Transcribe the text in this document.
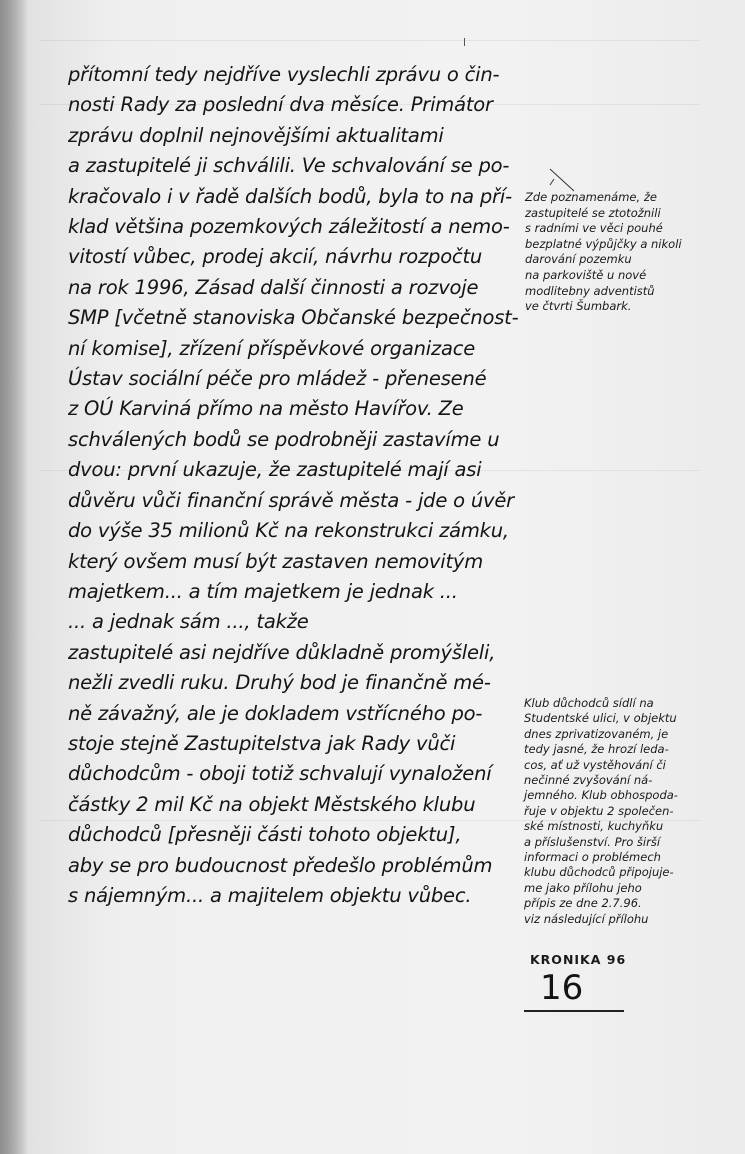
přítomní tedy nejdříve vyslechli zprávu o čin-
nosti Rady za poslední dva měsíce. Primátor
zprávu doplnil nejnovějšími aktualitami
a zastupitelé ji schválili. Ve schvalování se po-
kračovalo i v řadě dalších bodů, byla to na pří-
klad většina pozemkových záležitostí a nemo-
vitostí vůbec, prodej akcií, návrhu rozpočtu
na rok 1996, Zásad další činnosti a rozvoje
SMP [včetně stanoviska Občanské bezpečnost-
ní komise], zřízení příspěvkové organizace
Ústav sociální péče pro mládež - přenesené
z OÚ Karviná přímo na město Havířov. Ze
schválených bodů se podrobněji zastavíme u
dvou: první ukazuje, že zastupitelé mají asi
důvěru vůči finanční správě města - jde o úvěr
do výše 35 milionů Kč na rekonstrukci zámku,
který ovšem musí být zastaven nemovitým
majetkem... a tím majetkem je jednak ...
... a jednak sám ..., takže
zastupitelé asi nejdříve důkladně promýšleli,
nežli zvedli ruku. Druhý bod je finančně mé-
ně závažný, ale je dokladem vstřícného po-
stoje stejně Zastupitelstva jak Rady vůči
důchodcům - oboji totiž schvalují vynaložení
částky 2 mil Kč na objekt Městského klubu
důchodců [přesněji části tohoto objektu],
aby se pro budoucnost předešlo problémům
s nájemným... a majitelem objektu vůbec.
Zde poznamenáme, že
zastupitelé se ztotožnili
s radními ve věci pouhé
bezplatné výpůjčky a nikoli
darování pozemku
na parkoviště u nové
modlitebny adventistů
ve čtvrti Šumbark.
Klub důchodců sídlí na
Studentské ulici, v objektu
dnes zprivatizovaném, je
tedy jasné, že hrozí leda-
cos, ať už vystěhování či
nečinné zvyšování ná-
jemného. Klub obhospoda-
řuje v objektu 2 společen-
ské místnosti, kuchyňku
a příslušenství. Pro širší
informaci o problémech
klubu důchodců připojuje-
me jako přílohu jeho
přípis ze dne 2.7.96.
viz následující přílohu
KRONIKA 96
16
